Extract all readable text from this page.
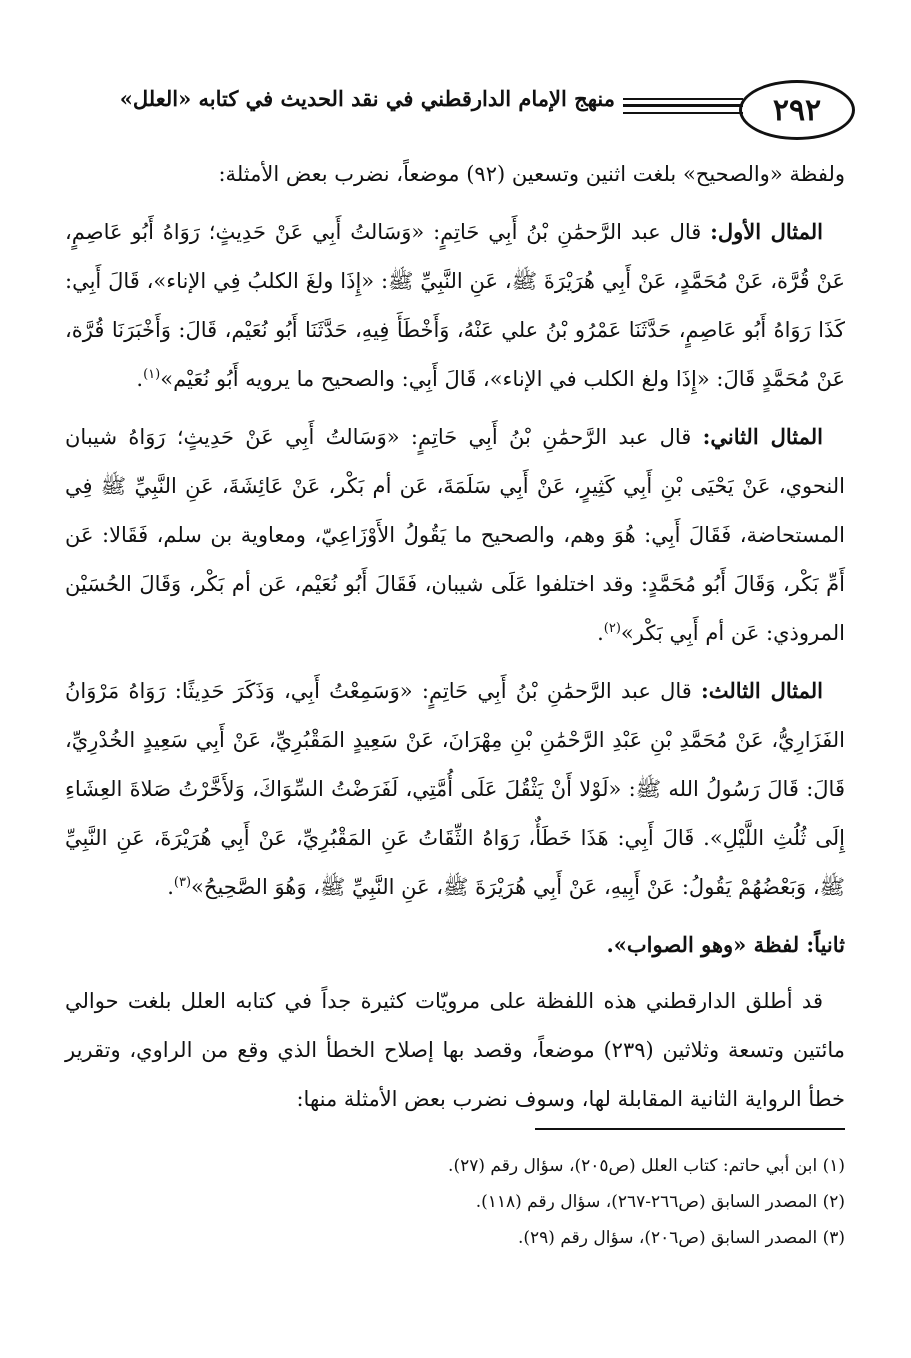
٢٩٢
منهج الإمام الدارقطني في نقد الحديث في كتابه «العلل»

ولفظة «والصحيح» بلغت اثنين وتسعين (٩٢) موضعاً، نضرب بعض الأمثلة:

المثال الأول: قال عبد الرَّحمَٰنِ بْنُ أَبِي حَاتِمٍ: «وَسَالتُ أَبِي عَنْ حَدِيثٍ؛ رَوَاهُ أَبُو عَاصِمٍ، عَنْ قُرَّة، عَنْ مُحَمَّدٍ، عَنْ أَبِي هُرَيْرَةَ ﷺ، عَنِ النَّبِيِّ ﷺ: «إِذَا ولغَ الكلبُ فِي الإناء»، قَالَ أَبِي: كَذَا رَوَاهُ أَبُو عَاصِمٍ، حَدَّثَنَا عَمْرُو بْنُ علي عَنْهُ، وَأَخْطَأَ فِيهِ، حَدَّثَنَا أَبُو نُعَيْم، قَالَ: وَأَخْبَرَنَا قُرَّة، عَنْ مُحَمَّدٍ قَالَ: «إِذَا ولغ الكلب في الإناء»، قَالَ أَبِي: والصحيح ما يرويه أَبُو نُعَيْم»$^{(١)}$.

المثال الثاني: قال عبد الرَّحمَٰنِ بْنُ أَبِي حَاتِمٍ: «وَسَالتُ أَبِي عَنْ حَدِيثٍ؛ رَوَاهُ شيبان النحوي، عَنْ يَحْيَى بْنِ أَبِي كَثِيرٍ، عَنْ أَبِي سَلَمَةَ، عَن أم بَكْر، عَنْ عَائِشَةَ، عَنِ النَّبِيِّ ﷺ فِي المستحاضة، فَقَالَ أَبِي: هُوَ وهم، والصحيح ما يَقُولُ الأَوْزَاعِيّ، ومعاوية بن سلم، فَقَالا: عَن أَمِّ بَكْر، وَقَالَ أَبُو مُحَمَّدٍ: وقد اختلفوا عَلَى شيبان، فَقَالَ أَبُو نُعَيْم، عَن أم بَكْر، وَقَالَ الحُسَيْن المروذي: عَن أم أَبِي بَكْر»$^{(٢)}$.

المثال الثالث: قال عبد الرَّحمَٰنِ بْنُ أَبِي حَاتِمٍ: «وَسَمِعْتُ أَبِي، وَذَكَرَ حَدِيثًا: رَوَاهُ مَرْوَانُ الفَزَارِيُّ، عَنْ مُحَمَّدِ بْنِ عَبْدِ الرَّحْمَٰنِ بْنِ مِهْرَانَ، عَنْ سَعِيدٍ المَقْبُرِيِّ، عَنْ أَبِي سَعِيدٍ الخُدْرِيِّ، قَالَ: قَالَ رَسُولُ الله ﷺ: «لَوْلا أَنْ يَثْقُلَ عَلَى أُمَّتِي، لَفَرَضْتُ السِّوَاكَ، وَلأَخَّرْتُ صَلاةَ العِشَاءِ إِلَى ثُلُثِ اللَّيْلِ». قَالَ أَبِي: هَذَا خَطَأٌ، رَوَاهُ الثِّقَاتُ عَنِ المَقْبُرِيِّ، عَنْ أَبِي هُرَيْرَةَ، عَنِ النَّبِيِّ ﷺ، وَبَعْضُهُمْ يَقُولُ: عَنْ أَبِيهِ، عَنْ أَبِي هُرَيْرَةَ ﷺ، عَنِ النَّبِيِّ ﷺ، وَهُوَ الصَّحِيحُ»$^{(٣)}$.

ثانياً: لفظة «وهو الصواب».

قد أطلق الدارقطني هذه اللفظة على مرويّات كثيرة جداً في كتابه العلل بلغت حوالي مائتين وتسعة وثلاثين (٢٣٩) موضعاً، وقصد بها إصلاح الخطأ الذي وقع من الراوي، وتقرير خطأ الرواية الثانية المقابلة لها، وسوف نضرب بعض الأمثلة منها:

(١) ابن أبي حاتم: كتاب العلل (ص٢٠٥)، سؤال رقم (٢٧).
(٢) المصدر السابق (ص٢٦٦-٢٦٧)، سؤال رقم (١١٨).
(٣) المصدر السابق (ص٢٠٦)، سؤال رقم (٢٩).
